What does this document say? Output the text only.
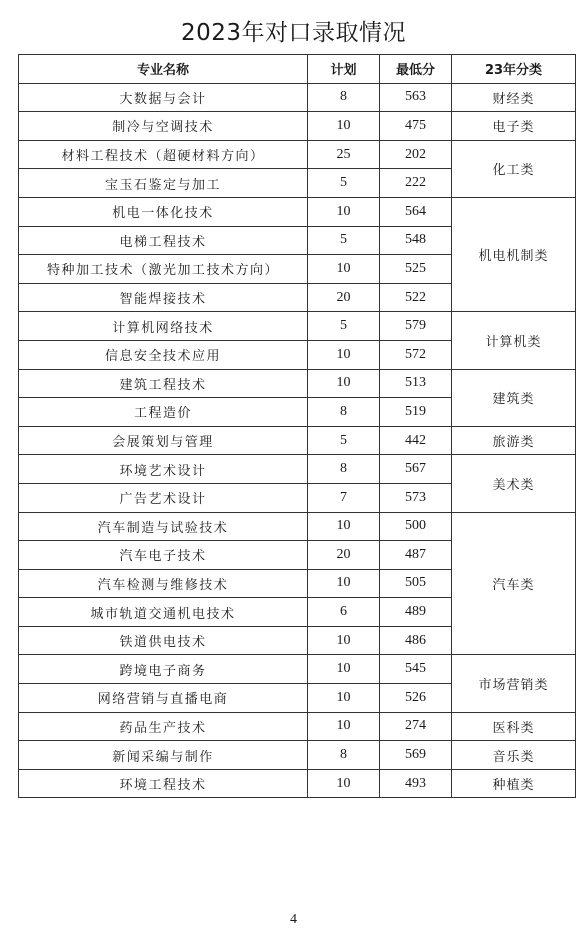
2023年对口录取情况
专业名称	计划	最低分	23年分类
大数据与会计	8	563	财经类
制冷与空调技术	10	475	电子类
材料工程技术（超硬材料方向）	25	202	化工类
宝玉石鉴定与加工	5	222	
机电一体化技术	10	564	机电机制类
电梯工程技术	5	548	
特种加工技术（激光加工技术方向）	10	525	
智能焊接技术	20	522	
计算机网络技术	5	579	计算机类
信息安全技术应用	10	572	
建筑工程技术	10	513	建筑类
工程造价	8	519	
会展策划与管理	5	442	旅游类
环境艺术设计	8	567	美术类
广告艺术设计	7	573	
汽车制造与试验技术	10	500	汽车类
汽车电子技术	20	487	
汽车检测与维修技术	10	505	
城市轨道交通机电技术	6	489	
铁道供电技术	10	486	
跨境电子商务	10	545	市场营销类
网络营销与直播电商	10	526	
药品生产技术	10	274	医科类
新闻采编与制作	8	569	音乐类
环境工程技术	10	493	种植类
4
